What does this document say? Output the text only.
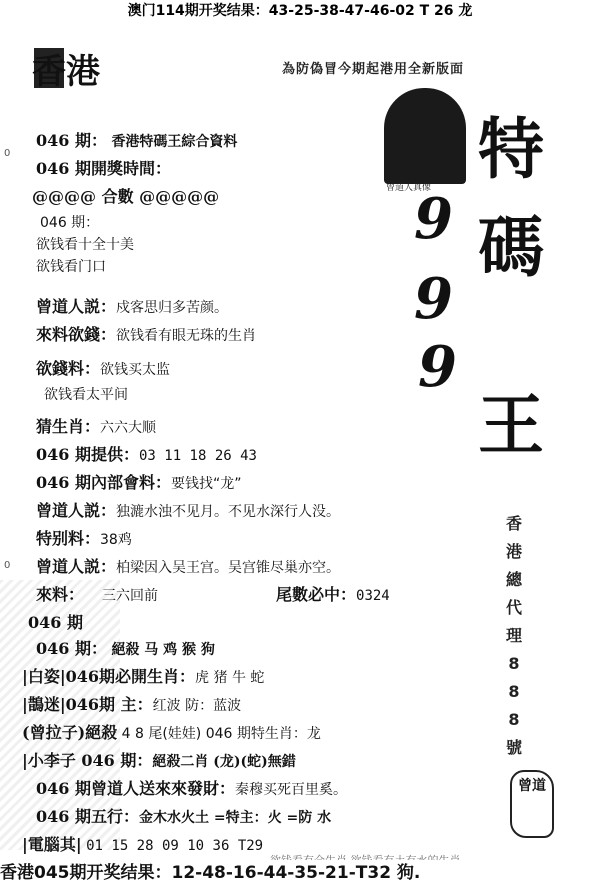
澳门114期开奖结果：43-25-38-47-46-02 T 26 龙
香港	為防偽冒今期起港用全新版面
曾道人真像 特
碼
王
9
9
9
香
港
總
代
理
8
8
8
號
曾道
0
0
046 期： 香港特碼王綜合資料
046 期開獎時間：
@@@@ 合數 @@@@@
046 期：
欲钱看十全十美
欲钱看门口
曾道人説：戍客思归多苦颜。
來料欲錢：欲钱看有眼无珠的生肖
欲錢料：欲钱买太监
欲钱看太平间
猜生肖：六六大顺
046 期提供：03 11 18 26 43
046 期內部會料：要钱找“龙”
曾道人説：独漉水浊不见月。不见水深行人没。
特别料：38鸡
曾道人説：柏梁因入吴王宫。吴宫锥尽巢亦空。
來料： 三六回前	尾數必中：0324
046 期
046 期： 絕殺 马 鸡 猴 狗
|白姿|046期必開生肖：虎 猪 牛 蛇
|鵲迷|046期 主：红波 防：蓝波
(曾拉子)絕殺 4 8 尾(娃娃) 046 期特生肖：龙
|小李子 046 期：絕殺二肖 (龙)(蛇)無錯
046 期曾道人送來來發財：秦穆买死百里奚。
046 期五行：金木水火土 =特主：火 =防 水
|電腦其| 01 15 28 09 10 36 T29
香港045期开奖结果：12-48-16-44-35-21-T32 狗.
